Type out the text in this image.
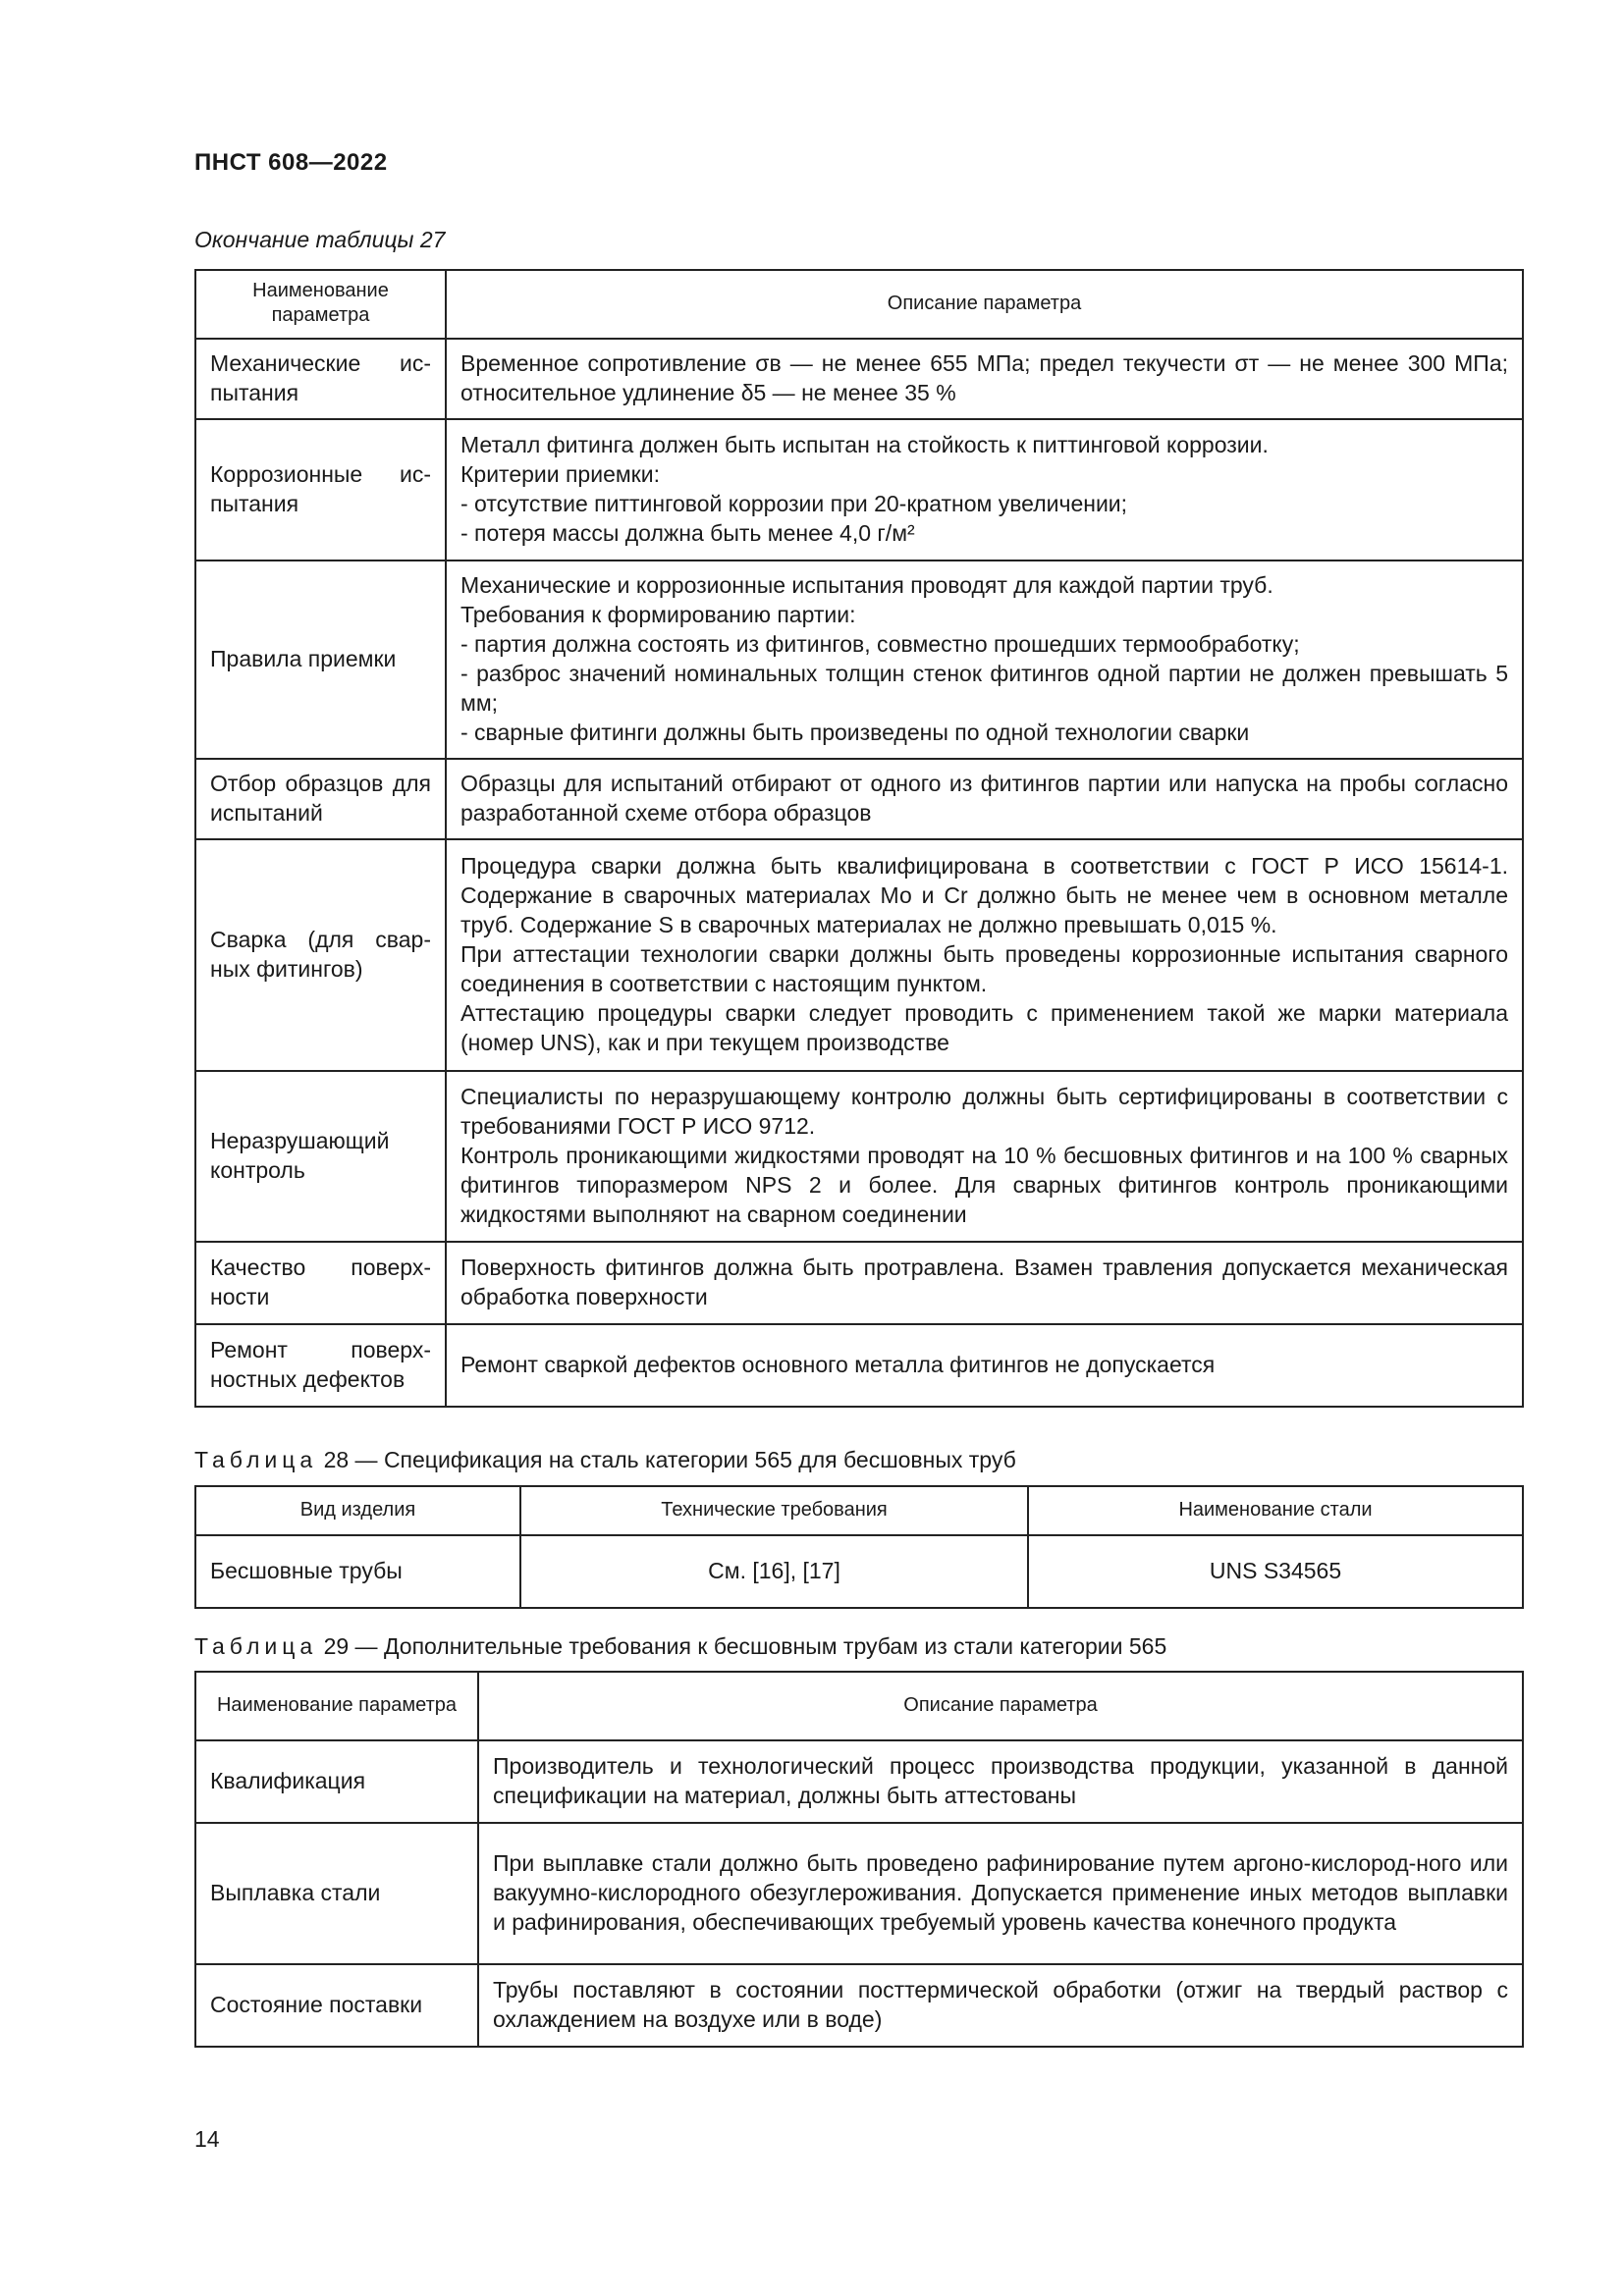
ПНСТ 608—2022
Окончание таблицы 27
Наименование параметра	Описание параметра
Механические ис-пытания	Временное сопротивление σв — не менее 655 МПа; предел текучести σт — не менее 300 МПа; относительное удлинение δ5 — не менее 35 %
Коррозионные ис-пытания	Металл фитинга должен быть испытан на стойкость к питтинговой коррозии.
Критерии приемки:
- отсутствие питтинговой коррозии при 20-кратном увеличении;
- потеря массы должна быть менее 4,0 г/м²

Правила приемки	Механические и коррозионные испытания проводят для каждой партии труб.
Требования к формированию партии:
- партия должна состоять из фитингов, совместно прошедших термообработку;
- разброс значений номинальных толщин стенок фитингов одной партии не должен превышать 5 мм;
- сварные фитинги должны быть произведены по одной технологии сварки

Отбор образцов для испытаний	Образцы для испытаний отбирают от одного из фитингов партии или напуска на пробы согласно разработанной схеме отбора образцов
Сварка (для свар-ных фитингов)	Процедура сварки должна быть квалифицирована в соответствии с ГОСТ Р ИСО 15614-1. Содержание в сварочных материалах Мо и Cr должно быть не менее чем в основном металле труб. Содержание S в сварочных материалах не должно превышать 0,015 %.
При аттестации технологии сварки должны быть проведены коррозионные испытания сварного соединения в соответствии с настоящим пунктом.
Аттестацию процедуры сварки следует проводить с применением такой же марки материала (номер UNS), как и при текущем производстве

Неразрушающий контроль	Специалисты по неразрушающему контролю должны быть сертифицированы в соответствии с требованиями ГОСТ Р ИСО 9712.
Контроль проникающими жидкостями проводят на 10 % бесшовных фитингов и на 100 % сварных фитингов типоразмером NPS 2 и более. Для сварных фитингов контроль проникающими жидкостями выполняют на сварном соединении

Качество поверх-ности	Поверхность фитингов должна быть протравлена. Взамен травления допускается механическая обработка поверхности
Ремонт поверх-ностных дефектов	Ремонт сваркой дефектов основного металла фитингов не допускается
Таблица 28 — Спецификация на сталь категории 565 для бесшовных труб
Вид изделия	Технические требования	Наименование стали
Бесшовные трубы	См. [16], [17]	UNS S34565
Таблица 29 — Дополнительные требования к бесшовным трубам из стали категории 565
Наименование параметра	Описание параметра
Квалификация	Производитель и технологический процесс производства продукции, указанной в данной спецификации на материал, должны быть аттестованы
Выплавка стали	При выплавке стали должно быть проведено рафинирование путем аргоно-кислород-ного или вакуумно-кислородного обезуглероживания. Допускается применение иных методов выплавки и рафинирования, обеспечивающих требуемый уровень качества конечного продукта
Состояние поставки	Трубы поставляют в состоянии посттермической обработки (отжиг на твердый раствор с охлаждением на воздухе или в воде)
14
